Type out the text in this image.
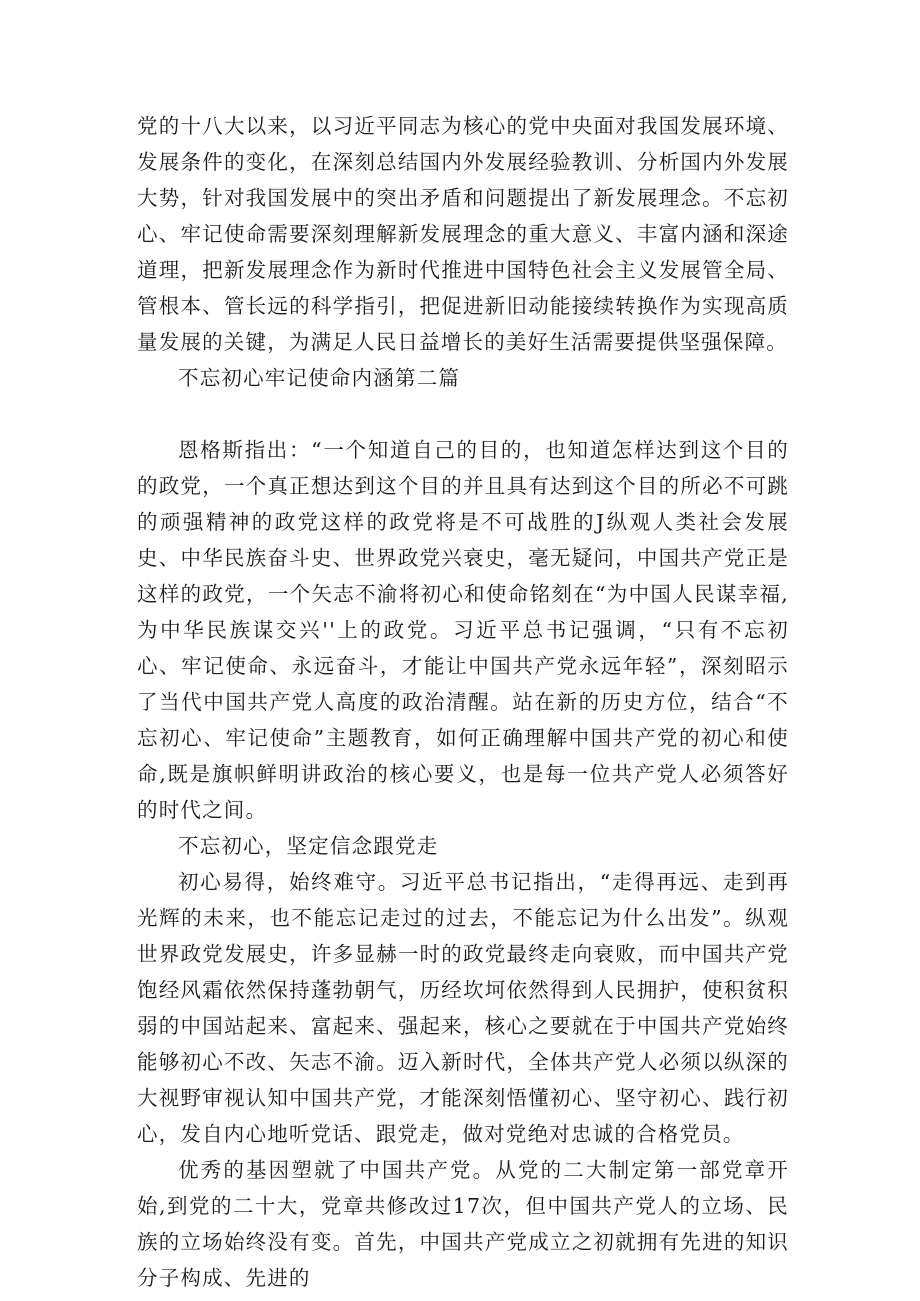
党的十八大以来，以习近平同志为核心的党中央面对我国发展环境、发展条件的变化，在深刻总结国内外发展经验教训、分析国内外发展大势，针对我国发展中的突出矛盾和问题提出了新发展理念。不忘初心、牢记使命需要深刻理解新发展理念的重大意义、丰富内涵和深途道理，把新发展理念作为新时代推进中国特色社会主义发展管全局、管根本、管长远的科学指引，把促进新旧动能接续转换作为实现高质量发展的关键，为满足人民日益增长的美好生活需要提供坚强保障。

不忘初心牢记使命内涵第二篇

恩格斯指出：“一个知道自己的目的，也知道怎样达到这个目的的政党，一个真正想达到这个目的并且具有达到这个目的所必不可跳的顽强精神的政党这样的政党将是不可战胜的J纵观人类社会发展史、中华民族奋斗史、世界政党兴衰史，毫无疑问，中国共产党正是这样的政党，一个矢志不渝将初心和使命铭刻在“为中国人民谋幸福,为中华民族谋交兴''上的政党。习近平总书记强调，“只有不忘初心、牢记使命、永远奋斗，才能让中国共产党永远年轻”，深刻昭示了当代中国共产党人高度的政治清醒。站在新的历史方位，结合“不忘初心、牢记使命”主题教育，如何正确理解中国共产党的初心和使命,既是旗帜鲜明讲政治的核心要义，也是每一位共产党人必须答好的时代之间。

不忘初心，坚定信念跟党走

初心易得，始终难守。习近平总书记指出，“走得再远、走到再光辉的未来，也不能忘记走过的过去，不能忘记为什么出发”。纵观世界政党发展史，许多显赫一时的政党最终走向衰败，而中国共产党饱经风霜依然保持蓬勃朝气，历经坎坷依然得到人民拥护，使积贫积弱的中国站起来、富起来、强起来，核心之要就在于中国共产党始终能够初心不改、矢志不渝。迈入新时代，全体共产党人必须以纵深的大视野审视认知中国共产党，才能深刻悟懂初心、坚守初心、践行初心，发自内心地听党话、跟党走，做对党绝对忠诚的合格党员。

优秀的基因塑就了中国共产党。从党的二大制定第一部党章开始,到党的二十大，党章共修改过17次，但中国共产党人的立场、民族的立场始终没有变。首先，中国共产党成立之初就拥有先进的知识分子构成、先进的
